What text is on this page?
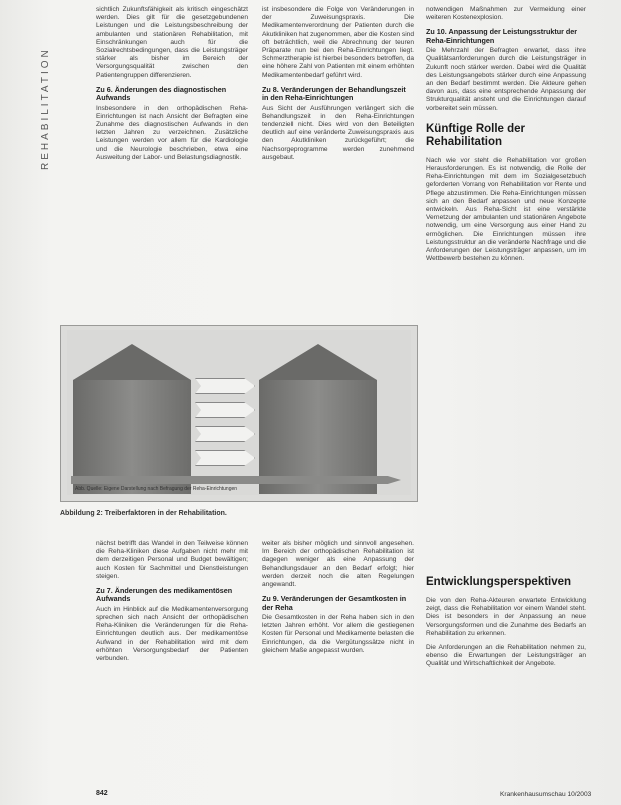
REHABILITATION

sichtlich Zukunftsfähigkeit als kritisch eingeschätzt werden. Dies gilt für die gesetzgebundenen Leistungen und die Leistungsbeschreibung der ambulanten und stationären Rehabilitation, mit Einschränkungen auch für die Sozialrechtsbedingungen, dass die Leistungsträger stärker als bisher im Bereich der Versorgungsqualität zwischen den Patientengruppen differenzieren.

Zu 6. Änderungen des diagnostischen Aufwands

Insbesondere in den orthopädischen Reha-Einrichtungen ist nach Ansicht der Befragten eine Zunahme des diagnostischen Aufwands in den letzten Jahren zu verzeichnen. Zusätzliche Leistungen werden vor allem für die Kardiologie und die Neurologie beschrieben, etwa eine Ausweitung der Labor- und Belastungsdiagnostik.

ist insbesondere die Folge von Veränderungen in der Zuweisungspraxis. Die Medikamentenverordnung der Patienten durch die Akutkliniken hat zugenommen, aber die Kosten sind oft beträchtlich, weil die Abrechnung der teuren Präparate nun bei den Reha-Einrichtungen liegt. Schmerztherapie ist hierbei besonders betroffen, da eine höhere Zahl von Patienten mit einem erhöhten Medikamentenbedarf geführt wird.

Zu 8. Veränderungen der Behandlungszeit in den Reha-Einrichtungen

Aus Sicht der Ausführungen verlängert sich die Behandlungszeit in den Reha-Einrichtungen tendenziell nicht. Dies wird von den Beteiligten deutlich auf eine veränderte Zuweisungspraxis aus den Akutkliniken zurückgeführt; die Nachsorgeprogramme werden zunehmend ausgebaut.

notwendigen Maßnahmen zur Vermeidung einer weiteren Kostenexplosion.

Zu 10. Anpassung der Leistungsstruktur der Reha-Einrichtungen

Die Mehrzahl der Befragten erwartet, dass ihre Qualitätsanforderungen durch die Leistungsträger in Zukunft noch stärker werden. Dabei wird die Qualität des Leistungsangebots stärker durch eine Anpassung an den Bedarf bestimmt werden. Die Akteure gehen davon aus, dass eine entsprechende Anpassung der Strukturqualität ansteht und die Einrichtungen darauf vorbereitet sein müssen.

Künftige Rolle der Rehabilitation

Nach wie vor steht die Rehabilitation vor großen Herausforderungen. Es ist notwendig, die Rolle der Reha-Einrichtungen mit dem im Sozialgesetzbuch geforderten Vorrang von Rehabilitation vor Rente und Pflege abzustimmen. Die Reha-Einrichtungen müssen sich an den Bedarf anpassen und neue Konzepte entwickeln. Aus Reha-Sicht ist eine verstärkte Vernetzung der ambulanten und stationären Angebote notwendig, um eine Versorgung aus einer Hand zu ermöglichen. Die Einrichtungen müssen ihre Leistungsstruktur an die veränderte Nachfrage und die Anforderungen der Leistungsträger anpassen, um im Wettbewerb bestehen zu können.

Abb. Quelle: Eigene Darstellung nach Befragung der Reha-Einrichtungen
Abbildung 2: Treiberfaktoren in der Rehabilitation.

nächst betrifft das Wandel in den Teilweise können die Reha-Kliniken diese Aufgaben nicht mehr mit dem derzeitigen Personal und Budget bewältigen; auch Kosten für Sachmittel und Dienstleistungen steigen.

Zu 7. Änderungen des medikamentösen Aufwands

Auch im Hinblick auf die Medikamentenversorgung sprechen sich nach Ansicht der orthopädischen Reha-Kliniken die Veränderungen für die Reha-Einrichtungen deutlich aus. Der medikamentöse Aufwand in der Rehabilitation wird mit dem erhöhten Versorgungsbedarf der Patienten verbunden.

weiter als bisher möglich und sinnvoll angesehen. Im Bereich der orthopädischen Rehabilitation ist dagegen weniger als eine Anpassung der Behandlungsdauer an den Bedarf erfolgt; hier werden derzeit noch die alten Regelungen angewandt.

Zu 9. Veränderungen der Gesamtkosten in der Reha

Die Gesamtkosten in der Reha haben sich in den letzten Jahren erhöht. Vor allem die gestiegenen Kosten für Personal und Medikamente belasten die Einrichtungen, da die Vergütungssätze nicht in gleichem Maße angepasst wurden.

Entwicklungsperspektiven

Die von den Reha-Akteuren erwartete Entwicklung zeigt, dass die Rehabilitation vor einem Wandel steht. Dies ist besonders in der Anpassung an neue Versorgungsformen und die Zunahme des Bedarfs an Rehabilitation zu erkennen.

Die Anforderungen an die Rehabilitation nehmen zu, ebenso die Erwartungen der Leistungsträger an Qualität und Wirtschaftlichkeit der Angebote.

842	Krankenhausumschau 10/2003
